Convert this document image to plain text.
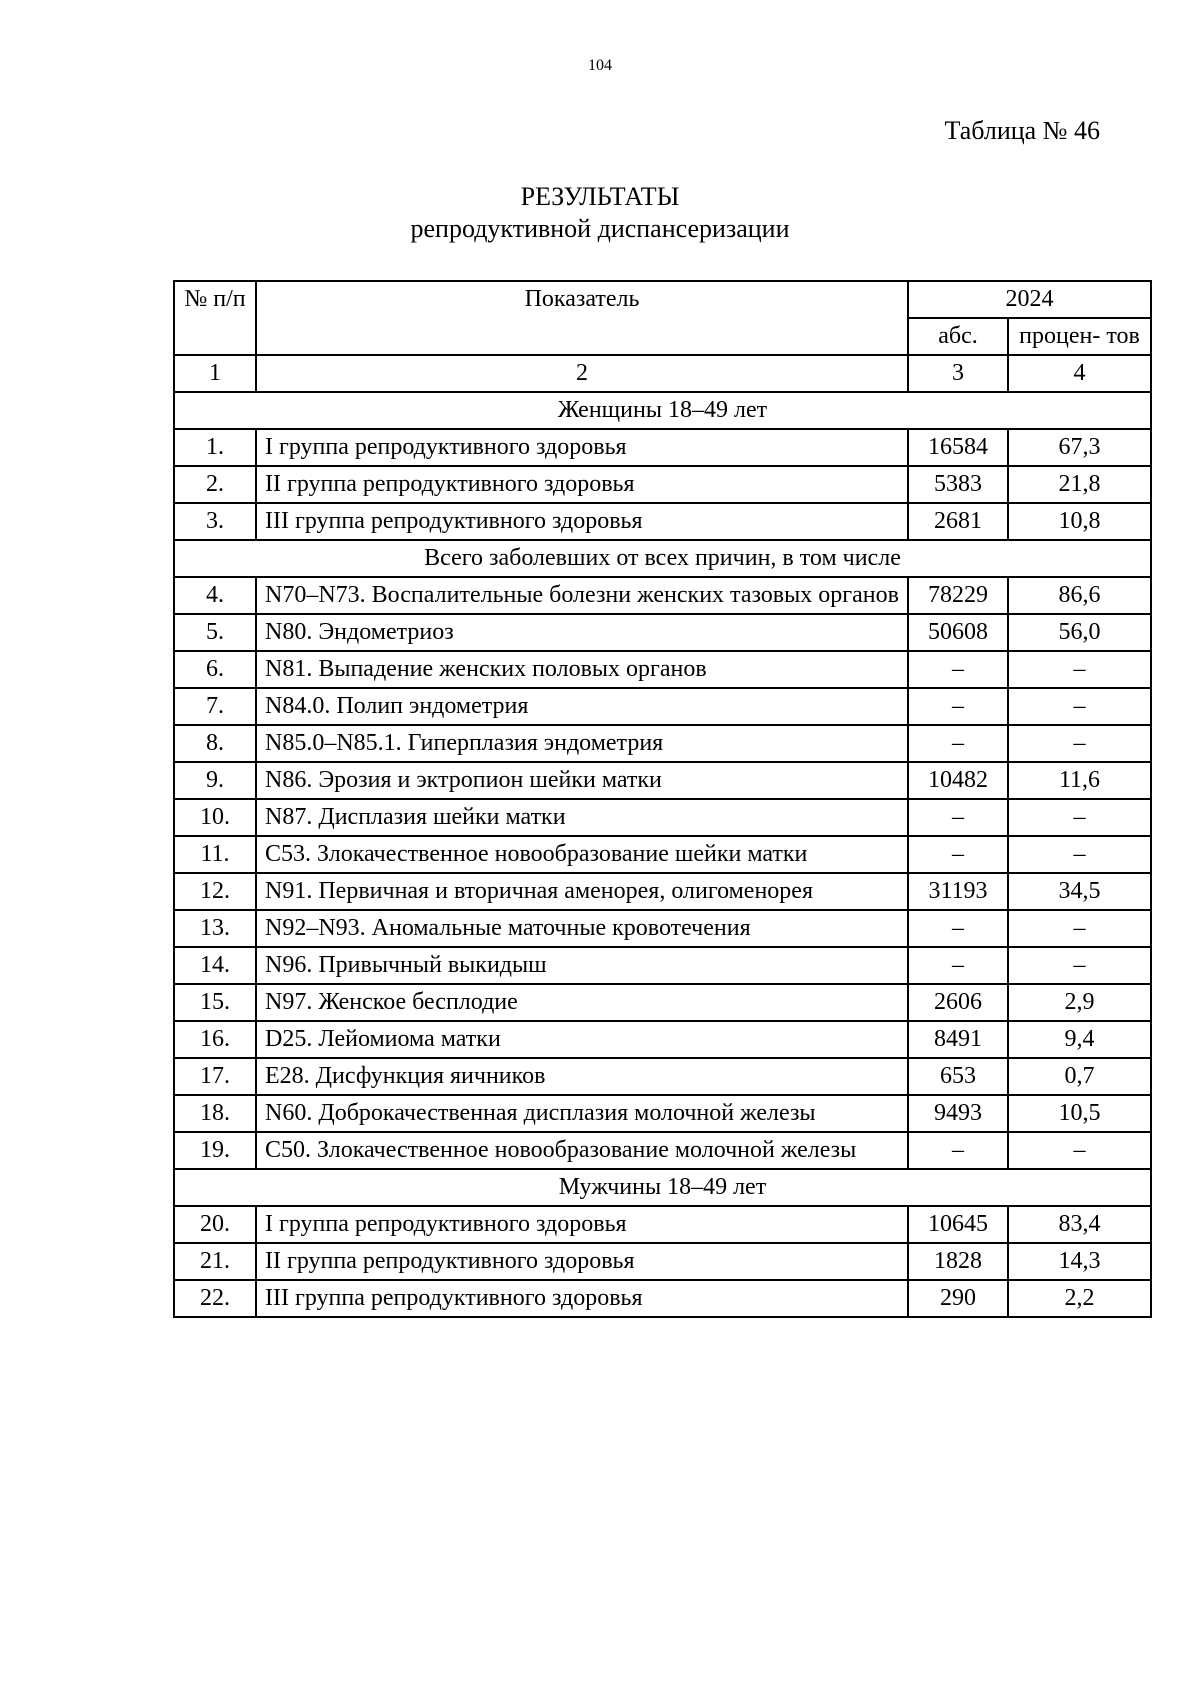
104
Таблица № 46
РЕЗУЛЬТАТЫ
репродуктивной диспансеризации
№ п/п	Показатель	2024	
		абс.	процен- тов
1	2	3	4
Женщины 18–49 лет			
1.	I группа репродуктивного здоровья	16584	67,3
2.	II группа репродуктивного здоровья	5383	21,8
3.	III группа репродуктивного здоровья	2681	10,8
Всего заболевших от всех причин, в том числе			
4.	N70–N73. Воспалительные болезни женских тазовых органов	78229	86,6
5.	N80. Эндометриоз	50608	56,0
6.	N81. Выпадение женских половых органов	–	–
7.	N84.0. Полип эндометрия	–	–
8.	N85.0–N85.1. Гиперплазия эндометрия	–	–
9.	N86. Эрозия и эктропион шейки матки	10482	11,6
10.	N87. Дисплазия шейки матки	–	–
11.	C53. Злокачественное новообразование шейки матки	–	–
12.	N91. Первичная и вторичная аменорея, олигоменорея	31193	34,5
13.	N92–N93. Аномальные маточные кровотечения	–	–
14.	N96. Привычный выкидыш	–	–
15.	N97. Женское бесплодие	2606	2,9
16.	D25. Лейомиома матки	8491	9,4
17.	E28. Дисфункция яичников	653	0,7
18.	N60. Доброкачественная дисплазия молочной железы	9493	10,5
19.	C50. Злокачественное новообразование молочной железы	–	–
Мужчины 18–49 лет			
20.	I группа репродуктивного здоровья	10645	83,4
21.	II группа репродуктивного здоровья	1828	14,3
22.	III группа репродуктивного здоровья	290	2,2
